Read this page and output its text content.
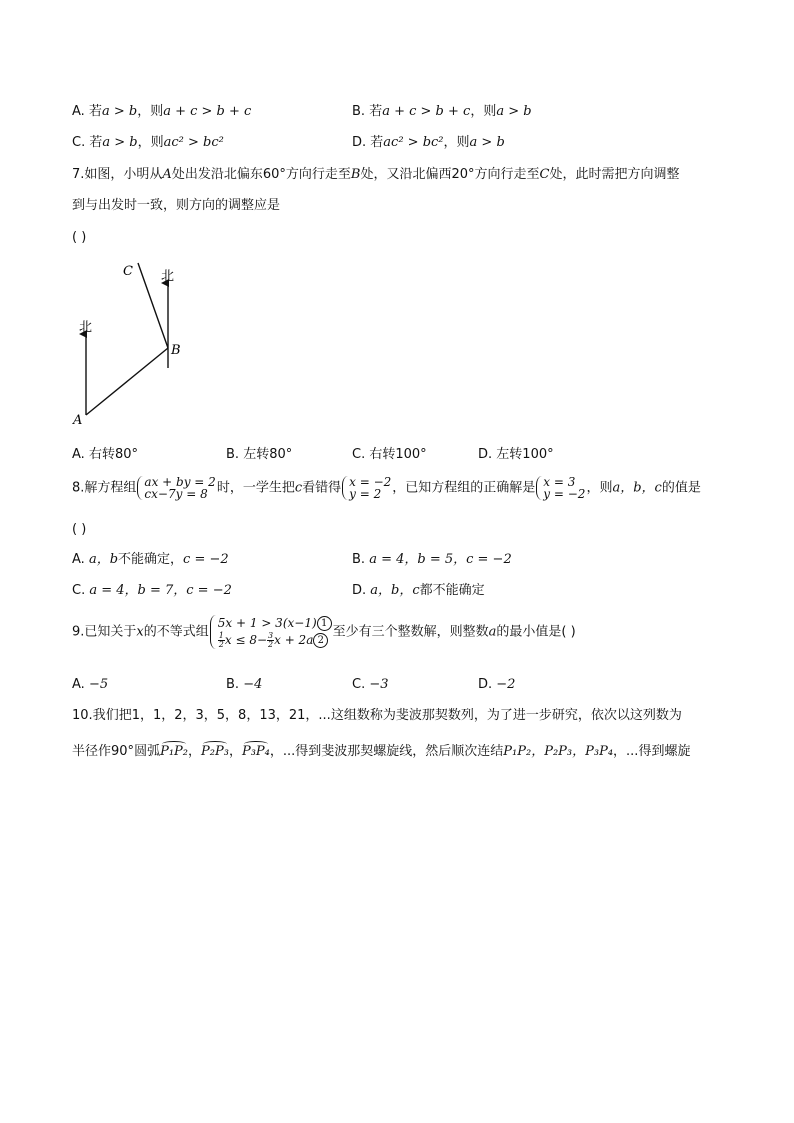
A. 若a > b，则a + c > b + c	B. 若a + c > b + c，则a > b
C. 若a > b，则ac² > bc²	D. 若ac² > bc²，则a > b
7.如图，小明从A处出发沿北偏东60°方向行走至B处，又沿北偏西20°方向行走至C处，此时需把方向调整
到与出发时一致，则方向的调整应是
( )
北
北
A
B
C
A. 右转80°	B. 左转80°	C. 右转100°	D. 左转100°
8.解方程组 ax + by = 2
cx−7y = 8 时，一学生把c看错得 x = −2
y = 2 ，已知方程组的正确解是 x = 3
y = −2 ，则a，b，c的值是
( )
A. a，b不能确定，c = −2	B. a = 4，b = 5，c = −2
C. a = 4，b = 7，c = −2	D. a，b，c都不能确定
9.已知关于x的不等式组
5x + 1 > 3(x−1) 1
$\frac{1}{2}$ $x \le 8- \frac{3}{2}$ x + 2a 2
至少有三个整数解，则整数a的最小值是( )
A. −5	B. −4	C. −3	D. −2
10.我们把1，1，2，3，5，8，13，21，...这组数称为斐波那契数列，为了进一步研究，依次以这列数为
半径作90°圆弧P₁P₂，P₂P₃，P₃P₄，...得到斐波那契螺旋线，然后顺次连结P₁P₂，P₂P₃，P₃P₄，...得到螺旋
